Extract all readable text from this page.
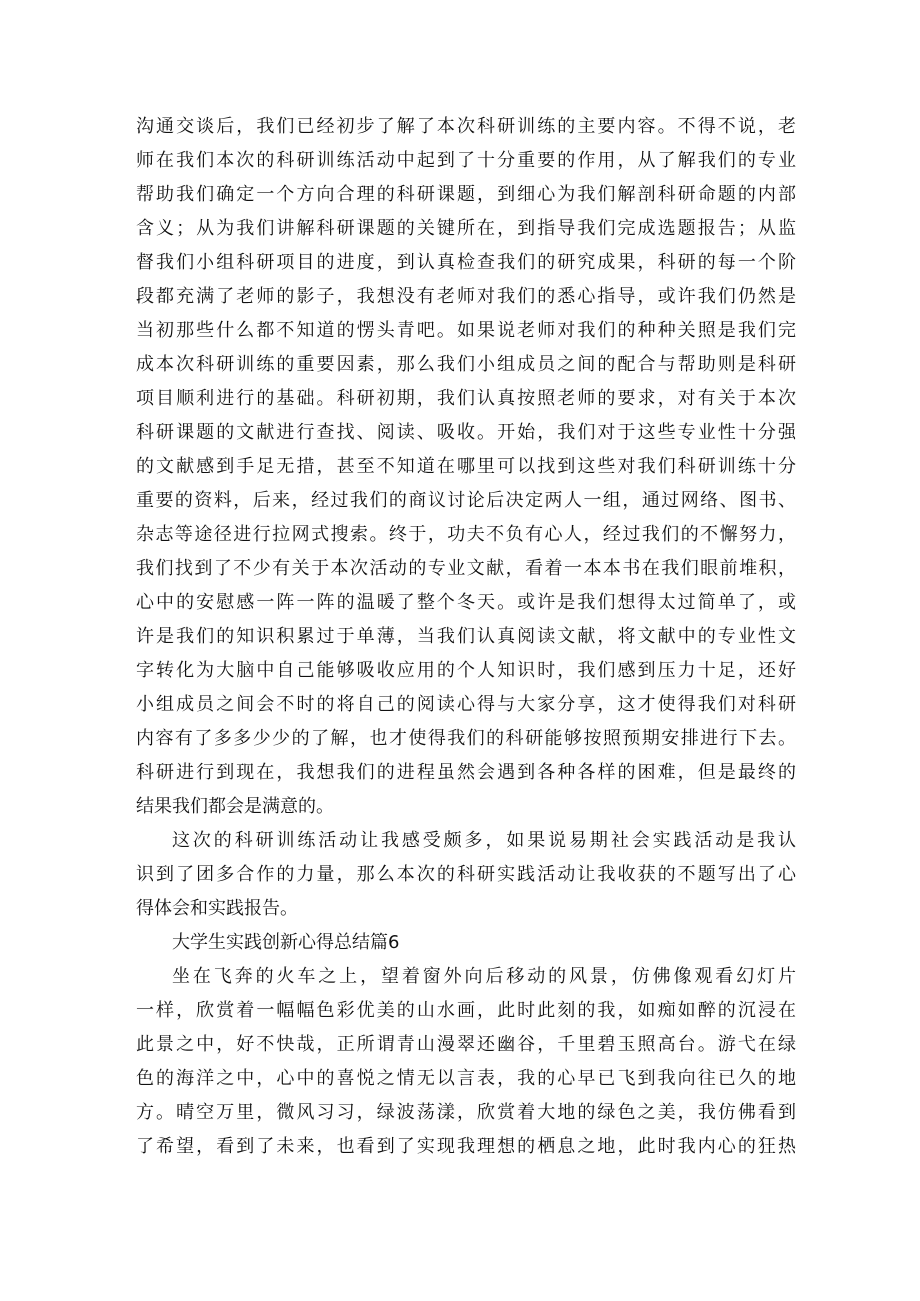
沟通交谈后，我们已经初步了解了本次科研训练的主要内容。不得不说，老
师在我们本次的科研训练活动中起到了十分重要的作用，从了解我们的专业
帮助我们确定一个方向合理的科研课题，到细心为我们解剖科研命题的内部
含义；从为我们讲解科研课题的关键所在，到指导我们完成选题报告；从监
督我们小组科研项目的进度，到认真检查我们的研究成果，科研的每一个阶
段都充满了老师的影子，我想没有老师对我们的悉心指导，或许我们仍然是
当初那些什么都不知道的愣头青吧。如果说老师对我们的种种关照是我们完
成本次科研训练的重要因素，那么我们小组成员之间的配合与帮助则是科研
项目顺利进行的基础。科研初期，我们认真按照老师的要求，对有关于本次
科研课题的文献进行查找、阅读、吸收。开始，我们对于这些专业性十分强
的文献感到手足无措，甚至不知道在哪里可以找到这些对我们科研训练十分
重要的资料，后来，经过我们的商议讨论后决定两人一组，通过网络、图书、
杂志等途径进行拉网式搜索。终于，功夫不负有心人，经过我们的不懈努力，
我们找到了不少有关于本次活动的专业文献，看着一本本书在我们眼前堆积，
心中的安慰感一阵一阵的温暖了整个冬天。或许是我们想得太过简单了，或
许是我们的知识积累过于单薄，当我们认真阅读文献，将文献中的专业性文
字转化为大脑中自己能够吸收应用的个人知识时，我们感到压力十足，还好
小组成员之间会不时的将自己的阅读心得与大家分享，这才使得我们对科研
内容有了多多少少的了解，也才使得我们的科研能够按照预期安排进行下去。
科研进行到现在，我想我们的进程虽然会遇到各种各样的困难，但是最终的
结果我们都会是满意的。
这次的科研训练活动让我感受颇多，如果说易期社会实践活动是我认
识到了团多合作的力量，那么本次的科研实践活动让我收获的不题写出了心
得体会和实践报告。
大学生实践创新心得总结篇6
坐在飞奔的火车之上，望着窗外向后移动的风景，仿佛像观看幻灯片
一样，欣赏着一幅幅色彩优美的山水画，此时此刻的我，如痴如醉的沉浸在
此景之中，好不快哉，正所谓青山漫翠还幽谷，千里碧玉照高台。游弋在绿
色的海洋之中，心中的喜悦之情无以言表，我的心早已飞到我向往已久的地
方。晴空万里，微风习习，绿波荡漾，欣赏着大地的绿色之美，我仿佛看到
了希望，看到了未来，也看到了实现我理想的栖息之地，此时我内心的狂热
